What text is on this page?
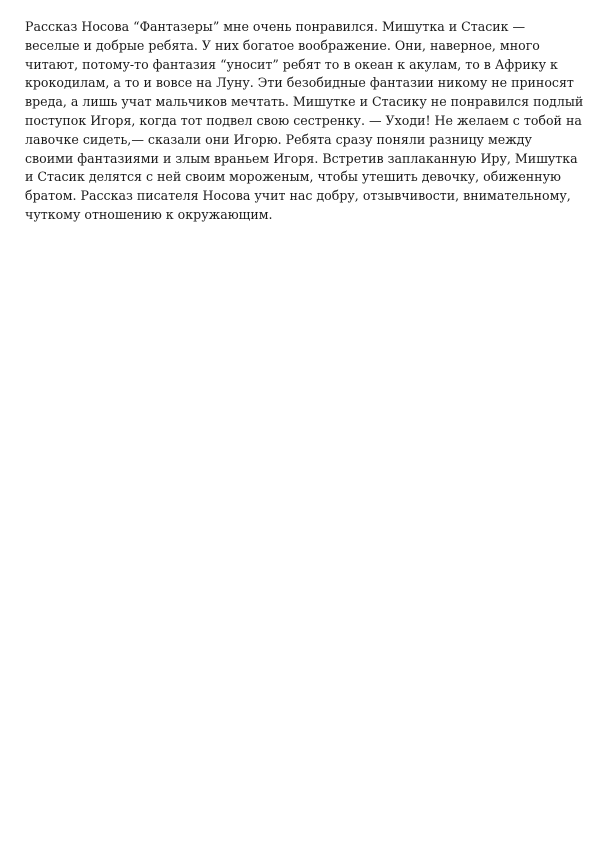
Рассказ Носова “Фантазеры” мне очень понравился. Мишутка и Стасик —
веселые и добрые ребята. У них богатое воображение. Они, наверное, много
читают, потому-то фантазия “уносит” ребят то в океан к акулам, то в Африку к
крокодилам, а то и вовсе на Луну. Эти безобидные фантазии никому не приносят
вреда, а лишь учат мальчиков мечтать. Мишутке и Стасику не понравился подлый
поступок Игоря, когда тот подвел свою сестренку. — Уходи! Не желаем с тобой на
лавочке сидеть,— сказали они Игорю. Ребята сразу поняли разницу между
своими фантазиями и злым враньем Игоря. Встретив заплаканную Иру, Мишутка
и Стасик делятся с ней своим мороженым, чтобы утешить девочку, обиженную
братом. Рассказ писателя Носова учит нас добру, отзывчивости, внимательному,
чуткому отношению к окружающим.
